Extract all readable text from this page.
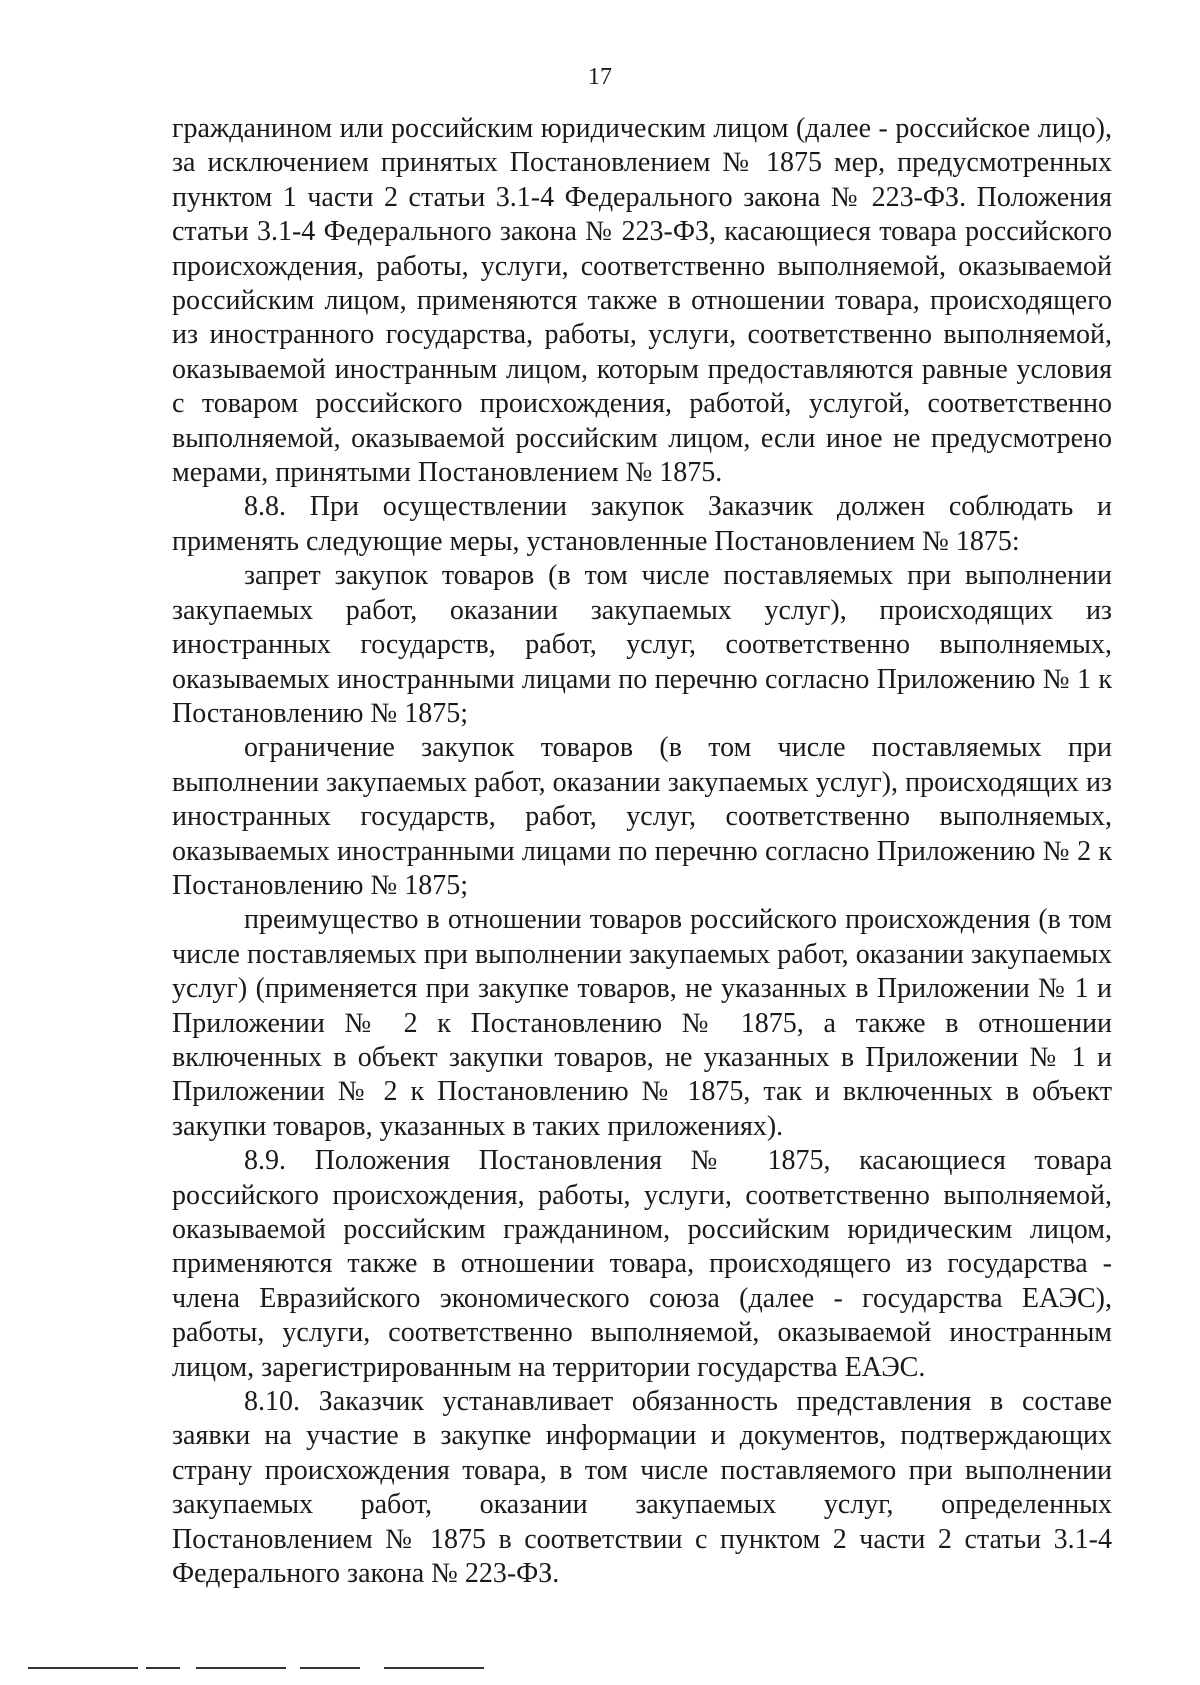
17

гражданином или российским юридическим лицом (далее - российское лицо), за исключением принятых Постановлением № 1875 мер, предусмотренных пунктом 1 части 2 статьи 3.1-4 Федерального закона № 223-ФЗ. Положения статьи 3.1-4 Федерального закона № 223-ФЗ, касающиеся товара российского происхождения, работы, услуги, соответственно выполняемой, оказываемой российским лицом, применяются также в отношении товара, происходящего из иностранного государства, работы, услуги, соответственно выполняемой, оказываемой иностранным лицом, которым предоставляются равные условия с товаром российского происхождения, работой, услугой, соответственно выполняемой, оказываемой российским лицом, если иное не предусмотрено мерами, принятыми Постановлением № 1875.

8.8. При осуществлении закупок Заказчик должен соблюдать и применять следующие меры, установленные Постановлением № 1875:

запрет закупок товаров (в том числе поставляемых при выполнении закупаемых работ, оказании закупаемых услуг), происходящих из иностранных государств, работ, услуг, соответственно выполняемых, оказываемых иностранными лицами по перечню согласно Приложению № 1 к Постановлению № 1875;

ограничение закупок товаров (в том числе поставляемых при выполнении закупаемых работ, оказании закупаемых услуг), происходящих из иностранных государств, работ, услуг, соответственно выполняемых, оказываемых иностранными лицами по перечню согласно Приложению № 2 к Постановлению № 1875;

преимущество в отношении товаров российского происхождения (в том числе поставляемых при выполнении закупаемых работ, оказании закупаемых услуг) (применяется при закупке товаров, не указанных в Приложении № 1 и Приложении № 2 к Постановлению № 1875, а также в отношении включенных в объект закупки товаров, не указанных в Приложении № 1 и Приложении № 2 к Постановлению № 1875, так и включенных в объект закупки товаров, указанных в таких приложениях).

8.9. Положения Постановления № 1875, касающиеся товара российского происхождения, работы, услуги, соответственно выполняемой, оказываемой российским гражданином, российским юридическим лицом, применяются также в отношении товара, происходящего из государства - члена Евразийского экономического союза (далее - государства ЕАЭС), работы, услуги, соответственно выполняемой, оказываемой иностранным лицом, зарегистрированным на территории государства ЕАЭС.

8.10. Заказчик устанавливает обязанность представления в составе заявки на участие в закупке информации и документов, подтверждающих страну происхождения товара, в том числе поставляемого при выполнении закупаемых работ, оказании закупаемых услуг, определенных Постановлением № 1875 в соответствии с пунктом 2 части 2 статьи 3.1-4 Федерального закона № 223-ФЗ.
